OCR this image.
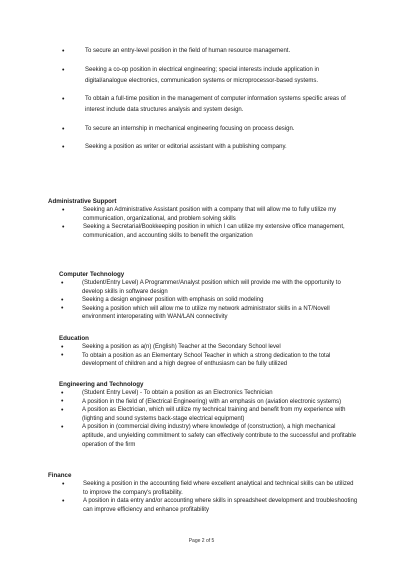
•	To secure an entry-level position in the field of human resource management.
•	Seeking a co-op position in electrical engineering; special interests include application in digital/analogue electronics, communication systems or microprocessor-based systems.
•	To obtain a full-time position in the management of computer information systems specific areas of interest include data structures analysis and system design.
•	To secure an internship in mechanical engineering focusing on process design.
•	Seeking a position as writer or editorial assistant with a publishing company.
Administrative Support
•	Seeking an Administrative Assistant position with a company that will allow me to fully utilize my communication, organizational, and problem solving skills
•	Seeking a Secretarial/Bookkeeping position in which I can utilize my extensive office management, communication, and accounting skills to benefit the organization
Computer Technology
•	(Student/Entry Level) A Programmer/Analyst position which will provide me with the opportunity to develop skills in software design
•	Seeking a design engineer position with emphasis on solid modeling
•	Seeking a position which will allow me to utilize my network administrator skills in a NT/Novell environment interoperating with WAN/LAN connectivity
Education
•	Seeking a position as a(n) (English) Teacher at the Secondary School level
•	To obtain a position as an Elementary School Teacher in which a strong dedication to the total development of children and a high degree of enthusiasm can be fully utilized
Engineering and Technology
•	(Student Entry Level) - To obtain a position as an Electronics Technician
•	A position in the field of (Electrical Engineering) with an emphasis on (aviation electronic systems)
•	A position as Electrician, which will utilize my technical training and benefit from my experience with (lighting and sound systems back-stage electrical equipment)
•	A position in (commercial diving industry) where knowledge of (construction), a high mechanical aptitude, and unyielding commitment to safety can effectively contribute to the successful and profitable operation of the firm
Finance
•	Seeking a position in the accounting field where excellent analytical and technical skills can be utilized to improve the company's profitability.
•	A position in data entry and/or accounting where skills in spreadsheet development and troubleshooting can improve efficiency and enhance profitability
Page 2 of 5
